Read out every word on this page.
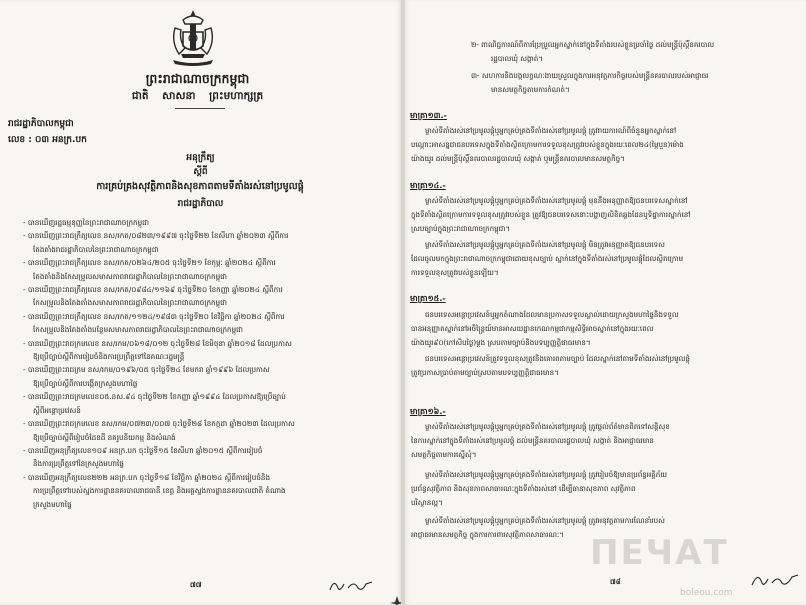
ព្រះរាជាណាចក្រកម្ពុជា
ជាតិ សាសនា ព្រះមហាក្សត្រ
រាជរដ្ឋាភិបាលកម្ពុជា
លេខ : ០៣ អនក្រ.បក
អនុក្រឹត្យ
ស្តីពី
ការគ្រប់គ្រងសុវត្ថិភាពនិងសុខភាពតាមទីតាំងរស់នៅប្រមូលផ្តុំ
រាជរដ្ឋាភិបាល
- បានឃើញរដ្ឋធម្មនុញ្ញនៃព្រះរាជាណាចក្រកម្ពុជា
- បានឃើញព្រះរាជក្រឹត្យលេខ នស/រកត/០៨២៣/១៩៩៧ ចុះថ្ងៃទី២២ ខែសីហា ឆ្នាំ២០២៣ ស្តីពីការ
តែងតាំងរាជរដ្ឋាភិបាលនៃព្រះរាជាណាចក្រកម្ពុជា
- បានឃើញព្រះរាជក្រឹត្យលេខ នស/រកត/០២៦៤/២០៥ ចុះថ្ងៃទី២១ ខែកុម្ភៈ ឆ្នាំ២០២៤ ស្តីពីការ
តែងតាំងនិងកែសម្រួលសមាសភាពរាជរដ្ឋាភិបាលនៃព្រះរាជាណាចក្រកម្ពុជា
- បានឃើញព្រះរាជក្រឹត្យលេខ នស/រកត/០៩៨៤/១១៦៩ ចុះថ្ងៃទី២០ ខែកញ្ញា ឆ្នាំ២០២៤ ស្តីពីការ
កែសម្រួលនិងតែងតាំងសមាសភាពរាជរដ្ឋាភិបាលនៃព្រះរាជាណាចក្រកម្ពុជា
- បានឃើញព្រះរាជក្រឹត្យលេខ នស/រកត/១១២៤/១៩៨៣ ចុះថ្ងៃទី២០ ខែវិច្ឆិកា ឆ្នាំ២០២៤ ស្តីពីការ
កែសម្រួលនិងតែងតាំងបន្ថែមសមាសភាពរាជរដ្ឋាភិបាលនៃព្រះរាជាណាចក្រកម្ពុជា
- បានឃើញព្រះរាជក្រមលេខ នស/រកម/០៦១៨/០១២ ចុះថ្ងៃទី២៨ ខែមិថុនា ឆ្នាំ២០១៨ ដែលប្រកាស
ឱ្យប្រើច្បាប់ស្តីពីការរៀបចំនិងការប្រព្រឹត្តទៅនៃគណៈរដ្ឋមន្ត្រី
- បានឃើញព្រះរាជក្រម នស/រកម/០១៩៦/០៥ ចុះថ្ងៃទី២៤ ខែមករា ឆ្នាំ១៩៩៦ ដែលប្រកាស
ឱ្យប្រើច្បាប់ស្តីពីការបង្កើតក្រសួងមហាផ្ទៃ
- បានឃើញព្រះរាជក្រមលេខ០៥.នស.៩៤ ចុះថ្ងៃទី២២ ខែកញ្ញា ឆ្នាំ១៩៩៤ ដែលប្រកាសឱ្យប្រើច្បាប់
ស្តីពីអន្តោប្រវេសន៍
- បានឃើញព្រះរាជក្រមលេខ នស/រកម/០៧២៣/០០៧ ចុះថ្ងៃទី២៨ ខែកក្កដា ឆ្នាំ២០២៣ ដែលប្រកាស
ឱ្យប្រើច្បាប់ស្តីពីរៀបចំដែនដី នគរូបនីយកម្ម និងសំណង់
- បានឃើញអនុក្រឹត្យលេខ១០៩ អនក្រ.បក ចុះថ្ងៃទី១៥ ខែសីហា ឆ្នាំ២០១៥ ស្តីពីការរៀបចំ
និងការប្រព្រឹត្តទៅនៃក្រសួងមហាផ្ទៃ
- បានឃើញអនុក្រឹត្យលេខ២២២ អនក្រ.បក ចុះថ្ងៃទី១៨ ខែវិច្ឆិកា ឆ្នាំ២០២៤ ស្តីពីការរៀបចំនិង
ការប្រព្រឹត្តទៅរបស់ស្នងការដ្ឋាននគរបាលរាជធានី ខេត្ត និងអគ្គស្នងការដ្ឋាននគរបាលជាតិ តំណាង
ក្រសួងមហាផ្ទៃ
៧៧
២- ពាណិជ្ជការណ៍ពីការប្រែប្រួលអ្នកស្នាក់នៅក្នុងទីតាំងរបស់ខ្លួនប្រចាំថ្ងៃ ដល់មន្ត្រីប៉ុស្តិ៍នគរបាល
រដ្ឋបាលឃុំ សង្កាត់។
៣- សហការនិងបង្កលក្ខណៈងាយស្រួលក្នុងការអនុវត្តភារកិច្ចរបស់មន្ត្រីនគរបាលរបស់អាជ្ញាធរ
មានសមត្ថកិច្ចតាមការកំណត់។
មាត្រា១៣.-
ម្ចាស់ទីតាំងរស់នៅប្រមូលផ្តុំឬអ្នកគ្រប់គ្រងទីតាំងរស់នៅប្រមូលផ្តុំ ត្រូវរាយការណ៍ពីចំនួនអ្នកស្នាក់នៅ
បណ្តោះអាសន្នជាជនបរទេសក្នុងទីតាំងស្ថិតក្រោមការទទួលខុសត្រូវរបស់ខ្លួនក្នុងរយៈពេល២៤(ម្ភៃបួន)ម៉ោង
យ៉ាងយូរ ដល់មន្ត្រីប៉ុស្តិ៍នគរបាលរដ្ឋបាលឃុំ សង្កាត់ ឬមន្ត្រីនគរបាលមានសមត្ថកិច្ច។
មាត្រា១៤.-
ម្ចាស់ទីតាំងរស់នៅប្រមូលផ្តុំឬអ្នកគ្រប់គ្រងទីតាំងរស់នៅប្រមូលផ្តុំ មុននឹងអនុញ្ញាតឱ្យជនបរទេសស្នាក់នៅ
ក្នុងទីតាំងស្ថិតក្រោមការទទួលខុសត្រូវរបស់ខ្លួន ត្រូវឱ្យជនបរទេសនោះបង្ហាញលិខិតឆ្លងដែនឬទិដ្ឋាការស្នាក់នៅ
ស្របច្បាប់ក្នុងព្រះរាជាណាចក្រកម្ពុជា។
ម្ចាស់ទីតាំងរស់នៅប្រមូលផ្តុំឬអ្នកគ្រប់គ្រងទីតាំងរស់នៅប្រមូលផ្តុំ មិនត្រូវអនុញ្ញាតឱ្យជនបរទេស
ដែលចូលមកក្នុងព្រះរាជាណាចក្រកម្ពុជាដោយខុសច្បាប់ ស្នាក់នៅក្នុងទីតាំងរស់នៅប្រមូលផ្តុំដែលស្ថិតក្រោម
ការទទួលខុសត្រូវរបស់ខ្លួនឡើយ។
មាត្រា១៥.-
ជនបរទេសអន្តោប្រវេសន៍ឬអ្នកតំណាងដែលមានប្រកាសទទួលស្គាល់ដោយក្រសួងមហាផ្ទៃនិងទទួល
បានអនុញ្ញាតស្នាក់នៅអចិន្ត្រៃយ៍មានអាសយដ្ឋានកេណកម្មជាកម្មសិទ្ធិអាចស្នាក់នៅក្នុងរយៈពេល
យ៉ាងយូរ៩០(កៅសិបថ្ងៃ)ម្តង ស្របតាមច្បាប់និងបទប្បញ្ញត្តិជាធរមាន។
ជនបរទេសអន្តោប្រវេសន៍ត្រូវទទួលខុសត្រូវនិងគោរពតាមច្បាប់ ដែលស្នាក់នៅតាមទីតាំងរស់នៅប្រមូលផ្តុំ
ត្រូវប្រកាសប្រាប់តាមច្បាប់ស្របតាមបទប្បញ្ញត្តិជាធរមាន។
មាត្រា១៦.-
ម្ចាស់ទីតាំងរស់នៅប្រមូលផ្តុំឬអ្នកគ្រប់គ្រងទីតាំងរស់នៅប្រមូលផ្តុំ ត្រូវផ្តល់ព័ត៌មានពិតទៅសន្តិសុខ
នៃការស្នាក់នៅក្នុងទីតាំងរស់នៅប្រមូលផ្តុំ ដល់មន្ត្រីនគរបាលរដ្ឋបាលឃុំ សង្កាត់ និងអាជ្ញាធរមាន
សមត្ថកិច្ចតាមការស្នើសុំ។
ម្ចាស់ទីតាំងរស់នៅប្រមូលផ្តុំឬអ្នកគ្រប់គ្រងទីតាំងរស់នៅប្រមូលផ្តុំ ត្រូវរៀបចំឱ្យមានប្រព័ន្ធអគ្គិភ័យ
ប្រព័ន្ធសុវត្ថិភាព និងសុខភាពសាធារណៈក្នុងទីតាំងរស់នៅ ដើម្បីធានាសុខភាព សុវត្ថិភាព
បរិស្ថានល្អ។
ម្ចាស់ទីតាំងរស់នៅប្រមូលផ្តុំឬអ្នកគ្រប់គ្រងទីតាំងរស់នៅប្រមូលផ្តុំ ត្រូវអនុវត្តតាមការណែនាំរបស់
អាជ្ញាធរមានសមត្ថកិច្ច ក្នុងការការពារសុវត្ថិភាពសាធារណៈ។
៧៨
ПЕЧАТ
boleou.com
